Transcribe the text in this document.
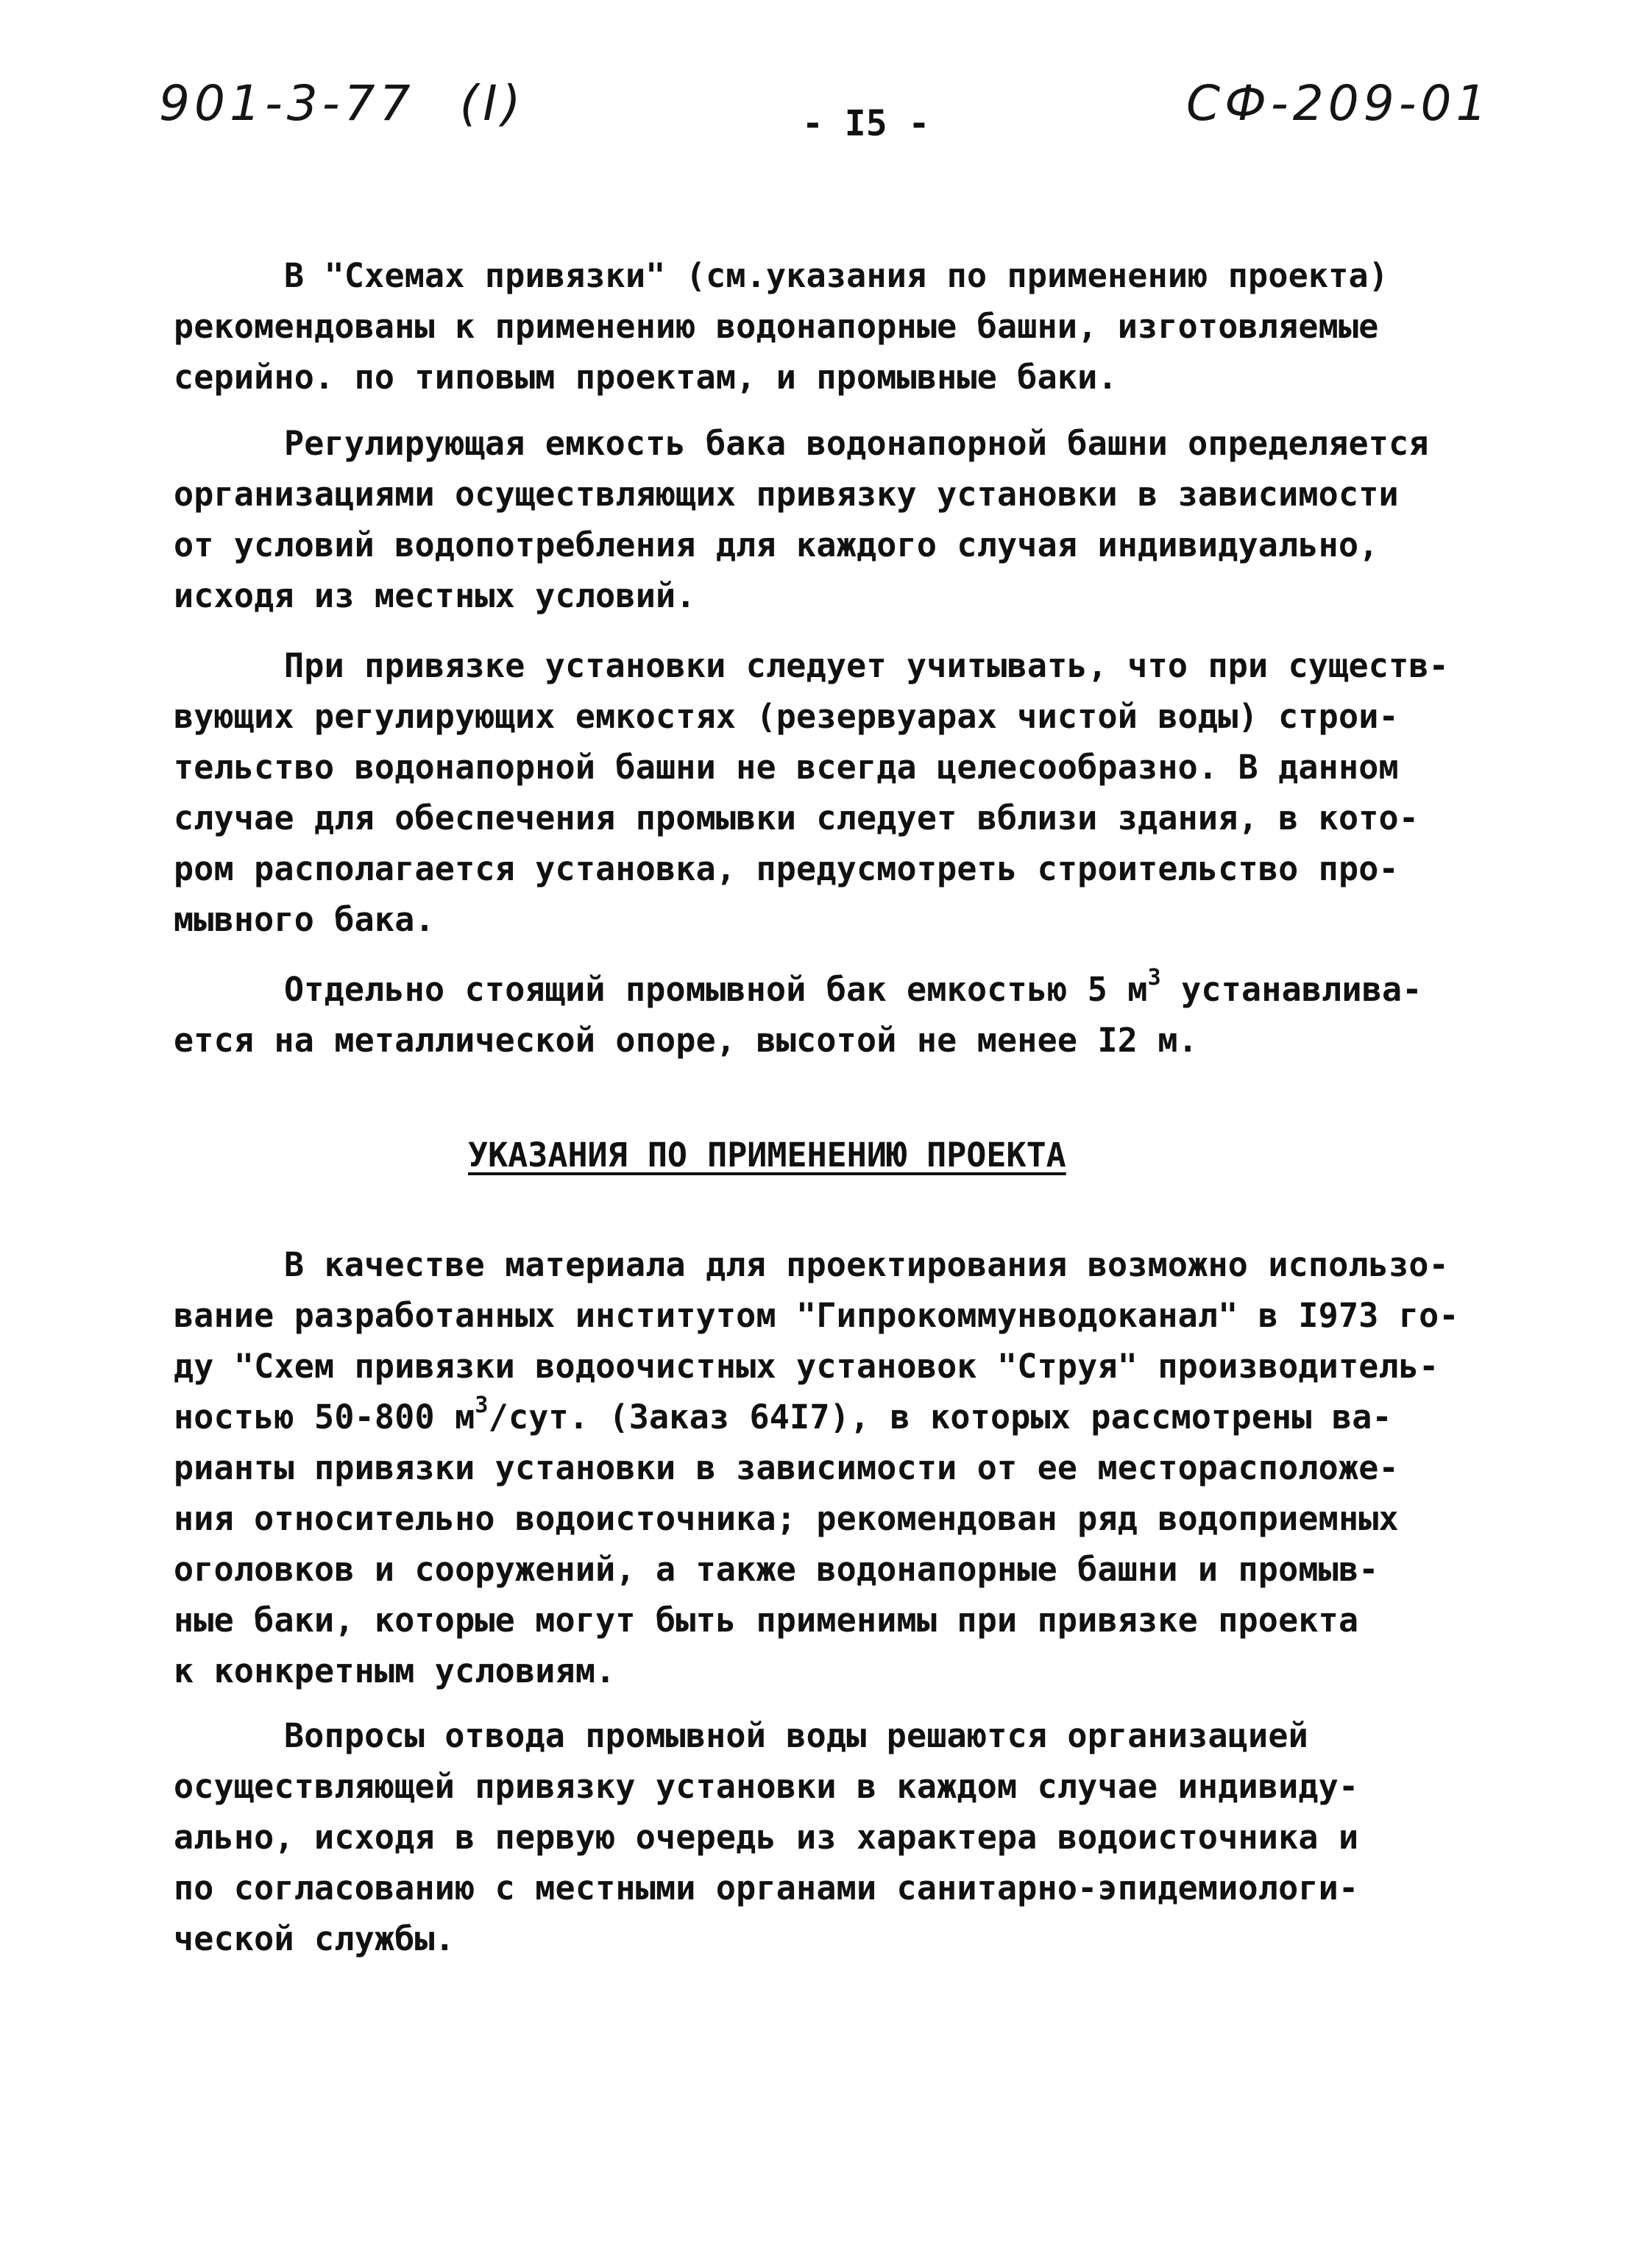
901-3-77 (I)	- I5 -	СФ-209-01
В "Схемах привязки" (см.указания по применению проекта)
рекомендованы к применению водонапорные башни, изготовляемые
серийно. по типовым проектам, и промывные баки.
Регулирующая емкость бака водонапорной башни определяется
организациями осуществляющих привязку установки в зависимости
от условий водопотребления для каждого случая индивидуально,
исходя из местных условий.
При привязке установки следует учитывать, что при существ-
вующих регулирующих емкостях (резервуарах чистой воды) строи-
тельство водонапорной башни не всегда целесообразно. В данном
случае для обеспечения промывки следует вблизи здания, в кото-
ром располагается установка, предусмотреть строительство про-
мывного бака.
Отдельно стоящий промывной бак емкостью 5 $м^3$ устанавлива-
ется на металлической опоре, высотой не менее I2 м.
УКАЗАНИЯ ПО ПРИМЕНЕНИЮ ПРОЕКТА
В качестве материала для проектирования возможно использо-
вание разработанных институтом "Гипрокоммунводоканал" в I973 го-
ду "Схем привязки водоочистных установок "Струя" производитель-
ностью 50-800 $м^3$/сут. (Заказ 64I7), в которых рассмотрены ва-
рианты привязки установки в зависимости от ее месторасположе-
ния относительно водоисточника; рекомендован ряд водоприемных
оголовков и сооружений, а также водонапорные башни и промыв-
ные баки, которые могут быть применимы при привязке проекта
к конкретным условиям.
Вопросы отвода промывной воды решаются организацией
осуществляющей привязку установки в каждом случае индивиду-
ально, исходя в первую очередь из характера водоисточника и
по согласованию с местными органами санитарно-эпидемиологи-
ческой службы.
